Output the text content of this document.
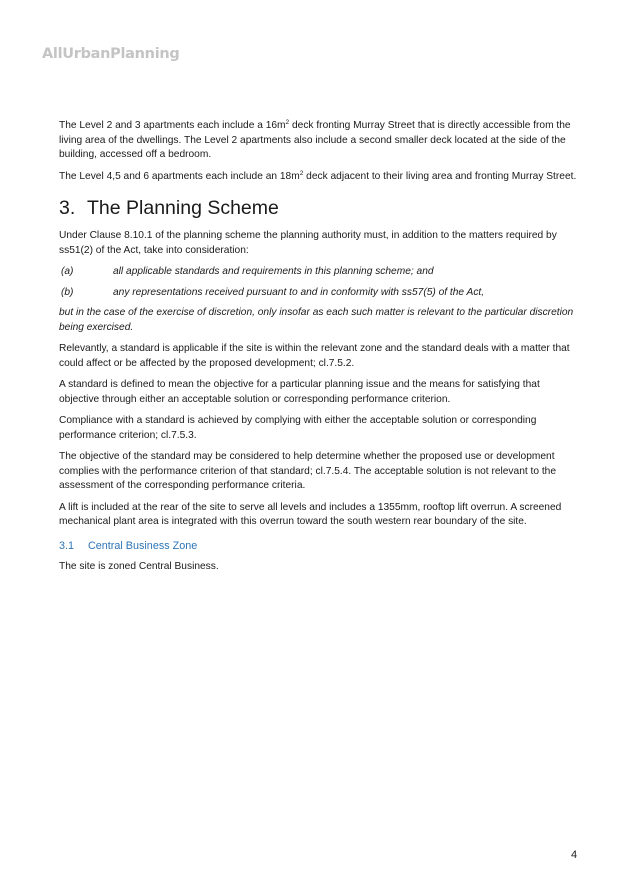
AllUrbanPlanning

The Level 2 and 3 apartments each include a $16m^2$ deck fronting Murray Street that is directly accessible from the living area of the dwellings. The Level 2 apartments also include a second smaller deck located at the side of the building, accessed off a bedroom.

The Level 4,5 and 6 apartments each include an $18m^2$ deck adjacent to their living area and fronting Murray Street.

3. The Planning Scheme

Under Clause 8.10.1 of the planning scheme the planning authority must, in addition to the matters required by ss51(2) of the Act, take into consideration:

(a)	all applicable standards and requirements in this planning scheme; and
(b)	any representations received pursuant to and in conformity with ss57(5) of the Act,

but in the case of the exercise of discretion, only insofar as each such matter is relevant to the particular discretion being exercised.

Relevantly, a standard is applicable if the site is within the relevant zone and the standard deals with a matter that could affect or be affected by the proposed development; cl.7.5.2.

A standard is defined to mean the objective for a particular planning issue and the means for satisfying that objective through either an acceptable solution or corresponding performance criterion.

Compliance with a standard is achieved by complying with either the acceptable solution or corresponding performance criterion; cl.7.5.3.

The objective of the standard may be considered to help determine whether the proposed use or development complies with the performance criterion of that standard; cl.7.5.4. The acceptable solution is not relevant to the assessment of the corresponding performance criteria.

A lift is included at the rear of the site to serve all levels and includes a 1355mm, rooftop lift overrun. A screened mechanical plant area is integrated with this overrun toward the south western rear boundary of the site.

3.1 Central Business Zone

The site is zoned Central Business.

4
